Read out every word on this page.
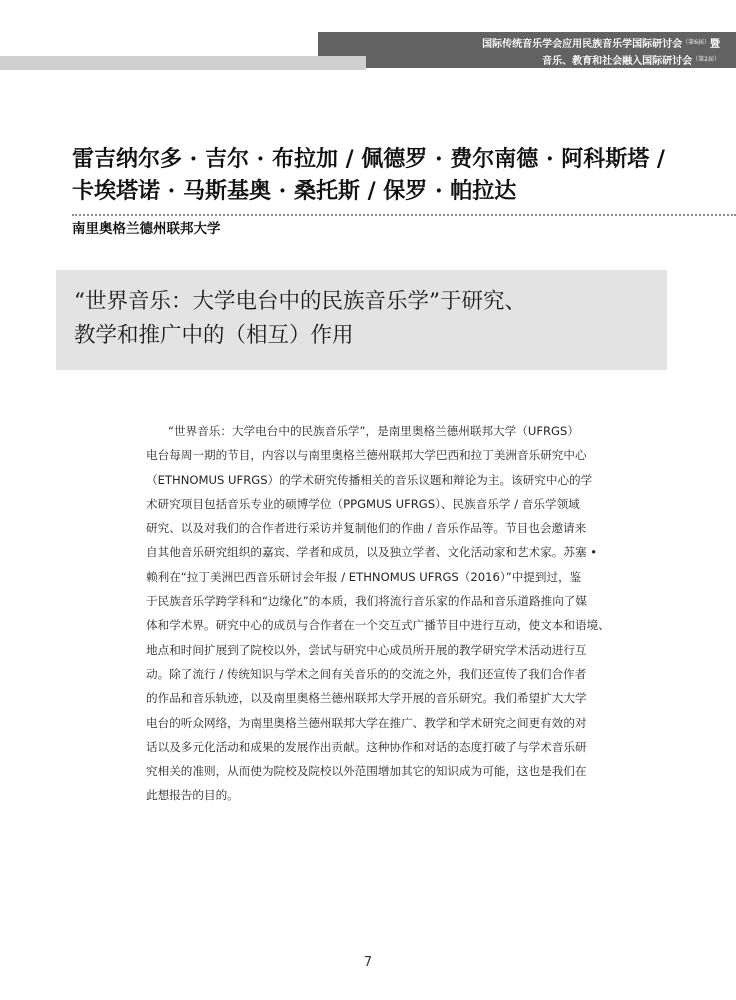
国际传统音乐学会应用民族音乐学国际研讨会$^{(第6届)}$暨
音乐、教育和社会融入国际研讨会$^{(第2届)}$
雷吉纳尔多 · 吉尔 · 布拉加 / 佩德罗 · 费尔南德 · 阿科斯塔 /
卡埃塔诺 · 马斯基奥 · 桑托斯 / 保罗 · 帕拉达
南里奥格兰德州联邦大学
“世界音乐：大学电台中的民族音乐学”于研究、
教学和推广中的（相互）作用
“世界音乐：大学电台中的民族音乐学”，是南里奥格兰德州联邦大学（UFRGS）
电台每周一期的节目，内容以与南里奥格兰德州联邦大学巴西和拉丁美洲音乐研究中心
（ETHNOMUS UFRGS）的学术研究传播相关的音乐议题和辩论为主。该研究中心的学
术研究项目包括音乐专业的硕博学位（PPGMUS UFRGS）、民族音乐学 / 音乐学领域
研究、以及对我们的合作者进行采访并复制他们的作曲 / 音乐作品等。节目也会邀请来
自其他音乐研究组织的嘉宾、学者和成员，以及独立学者、文化活动家和艺术家。苏塞 •
赖利在“拉丁美洲巴西音乐研讨会年报 / ETHNOMUS UFRGS（2016）”中提到过，鉴
于民族音乐学跨学科和“边缘化”的本质，我们将流行音乐家的作品和音乐道路推向了媒
体和学术界。研究中心的成员与合作者在一个交互式广播节目中进行互动，使文本和语境、
地点和时间扩展到了院校以外，尝试与研究中心成员所开展的教学研究学术活动进行互
动。除了流行 / 传统知识与学术之间有关音乐的的交流之外，我们还宣传了我们合作者
的作品和音乐轨迹，以及南里奥格兰德州联邦大学开展的音乐研究。我们希望扩大大学
电台的听众网络，为南里奥格兰德州联邦大学在推广、教学和学术研究之间更有效的对
话以及多元化活动和成果的发展作出贡献。这种协作和对话的态度打破了与学术音乐研
究相关的准则，从而使为院校及院校以外范围增加其它的知识成为可能，这也是我们在
此想报告的目的。
7
